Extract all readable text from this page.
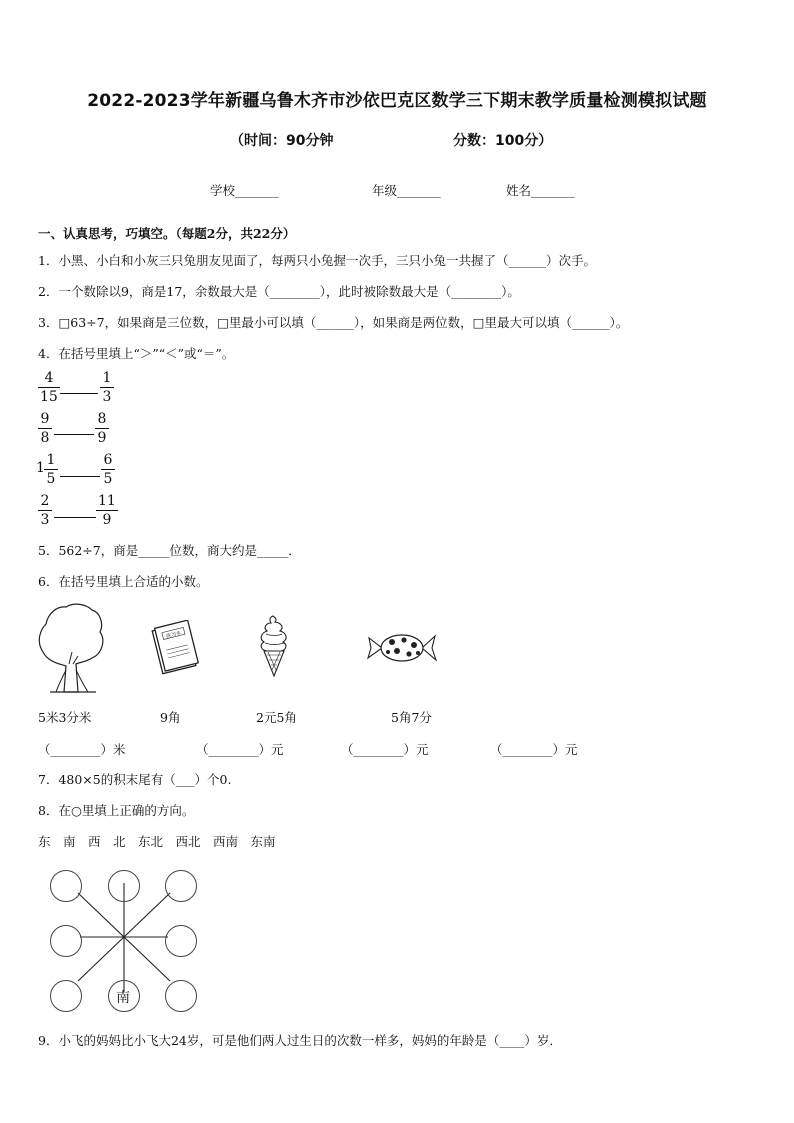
2022-2023学年新疆乌鲁木齐市沙依巴克区数学三下期末教学质量检测模拟试题
（时间：90分钟	分数：100分）
学校_______	年级_______	姓名_______
一、认真思考，巧填空。（每题2分，共22分）
1．小黑、小白和小灰三只兔朋友见面了，每两只小兔握一次手，三只小兔一共握了（______）次手。
2．一个数除以9，商是17，余数最大是（________），此时被除数最大是（________）。
3．□63÷7，如果商是三位数，□里最小可以填（______），如果商是两位数，□里最大可以填（______）。
4．在括号里填上“＞”“＜”或“＝”。
4
15
1
3
9
8
8
9
1 1
5
6
5
2
3
11
9
5．562÷7，商是_____位数，商大约是_____．
6．在括号里填上合适的小数。
练习本
5米3分米	9角	2元5角	5角7分
（________）米	（________）元	（________）元	（________）元
7．480×5的积末尾有（___）个0.
8．在○里填上正确的方向。
东　南　西　北　东北　西北　西南　东南
南
9．小飞的妈妈比小飞大24岁，可是他们两人过生日的次数一样多，妈妈的年龄是（____）岁．
